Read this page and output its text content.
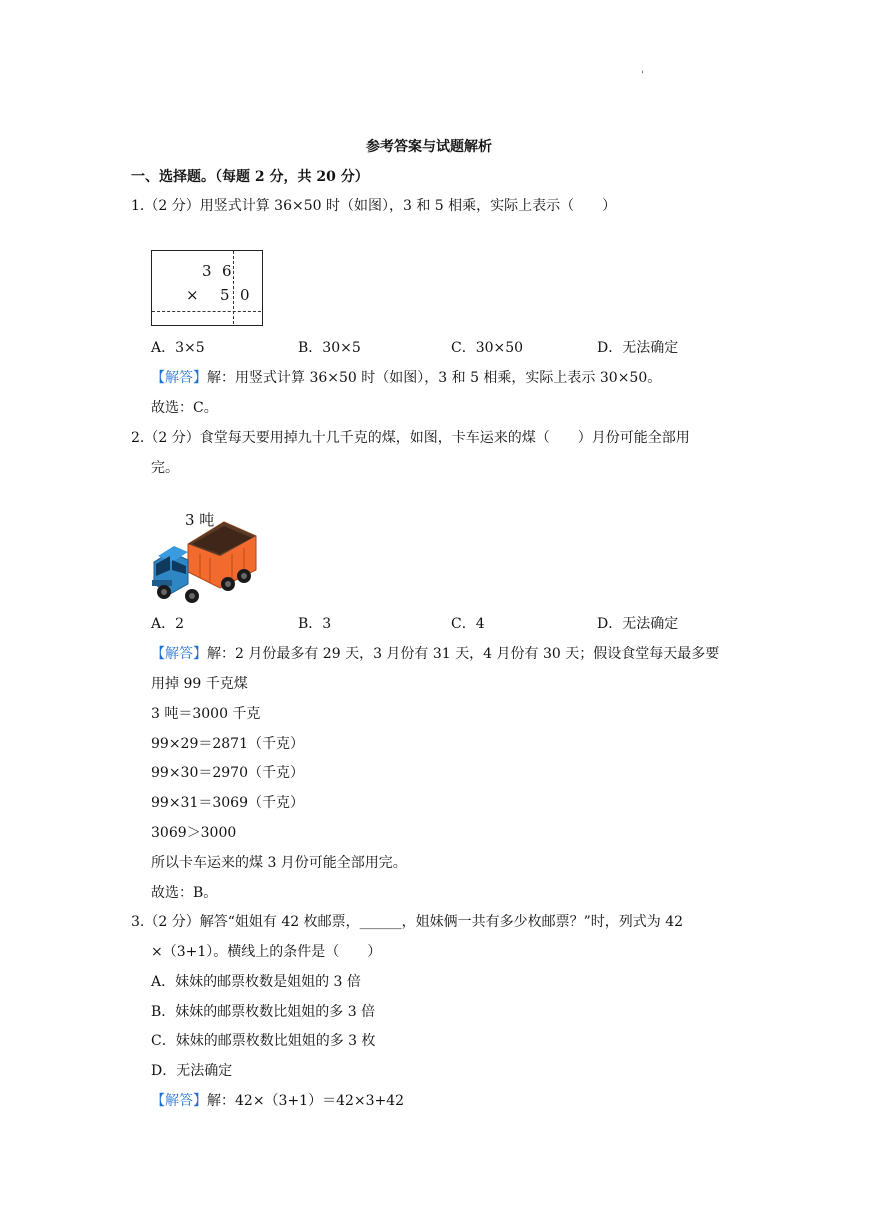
'
参考答案与试题解析
一、选择题。（每题 2 分，共 20 分）
1.（2 分）用竖式计算 36×50 时（如图），3 和 5 相乘，实际上表示（　　）
3 6
× 5 0
A．3×5	B．30×5	C．30×50	D．无法确定
【解答】解：用竖式计算 36×50 时（如图），3 和 5 相乘，实际上表示 30×50。
故选：C。
2.（2 分）食堂每天要用掉九十几千克的煤，如图，卡车运来的煤（　　）月份可能全部用
完。
3 吨
A．2	B．3	C．4	D．无法确定
【解答】解：2 月份最多有 29 天，3 月份有 31 天，4 月份有 30 天；假设食堂每天最多要
用掉 99 千克煤
3 吨＝3000 千克
99×29＝2871（千克）
99×30＝2970（千克）
99×31＝3069（千克）
3069＞3000
所以卡车运来的煤 3 月份可能全部用完。
故选：B。
3.（2 分）解答“姐姐有 42 枚邮票，______，姐妹俩一共有多少枚邮票？”时，列式为 42
×（3+1）。横线上的条件是（　　）
A．妹妹的邮票枚数是姐姐的 3 倍
B．妹妹的邮票枚数比姐姐的多 3 倍
C．妹妹的邮票枚数比姐姐的多 3 枚
D．无法确定
【解答】解：42×（3+1）＝42×3+42
